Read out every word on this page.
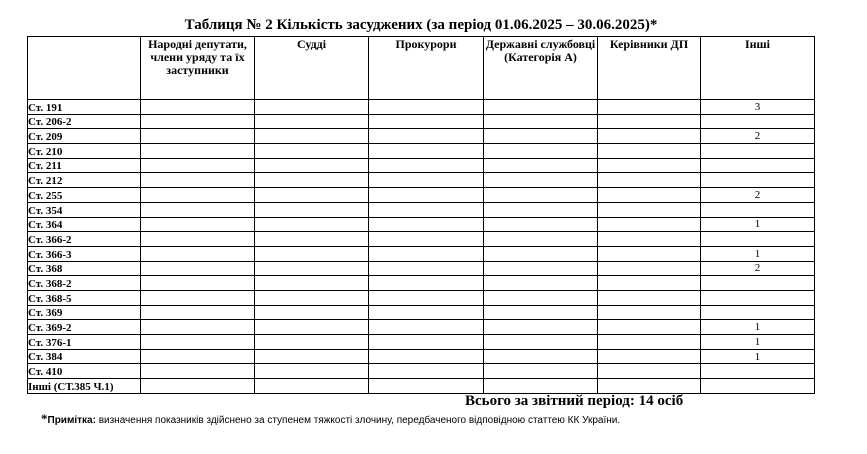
Таблиця № 2 Кількість засуджених (за період 01.06.2025 – 30.06.2025)*
	Народні депутати, члени уряду та їх заступники	Судді	Прокурори	Державні службовці (Категорія А)	Керівники ДП	Інші
Ст. 191						3
Ст. 206-2						
Ст. 209						2
Ст. 210						
Ст. 211						
Ст. 212						
Ст. 255						2
Ст. 354						
Ст. 364						1
Ст. 366-2						
Ст. 366-3						1
Ст. 368						2
Ст. 368-2						
Ст. 368-5						
Ст. 369						
Ст. 369-2						1
Ст. 376-1						1
Ст. 384						1
Ст. 410						
Інші (СТ.385 Ч.1)						
Всього за звітний період: 14 осіб
*Примітка: визначення показників здійснено за ступенем тяжкості злочину, передбаченого відповідною статтею КК України.
